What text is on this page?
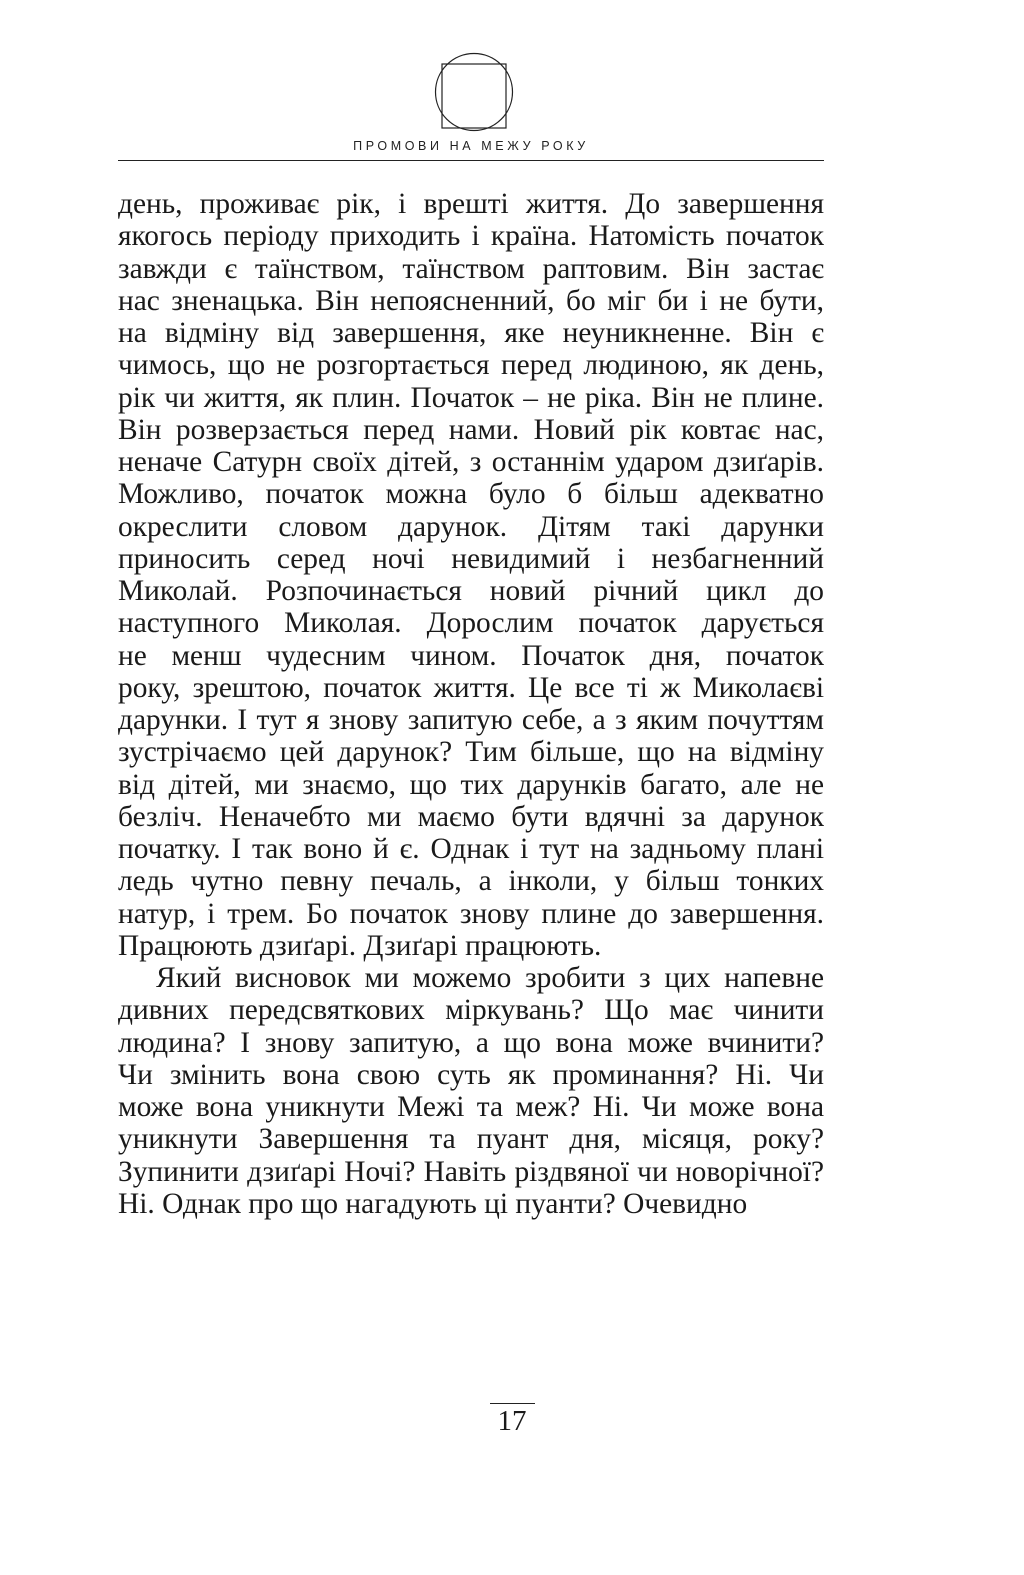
ПРОМОВИ НА МЕЖУ РОКУ

день, проживає рік, і врешті життя. До завершення
якогось періоду приходить і країна. Натомість початок
завжди є таїнством, таїнством раптовим. Він застає
нас зненацька. Він непоясненний, бо міг би і не бути,
на відміну від завершення, яке неуникненне. Він є
чимось, що не розгортається перед людиною, як день,
рік чи життя, як плин. Початок – не ріка. Він не плине.
Він розверзається перед нами. Новий рік ковтає нас,
неначе Сатурн своїх дітей, з останнім ударом дзиґарів.
Можливо, початок можна було б більш адекватно
окреслити словом дарунок. Дітям такі дарунки
приносить серед ночі невидимий і незбагненний
Миколай. Розпочинається новий річний цикл до
наступного Миколая. Дорослим початок дарується
не менш чудесним чином. Початок дня, початок
року, зрештою, початок життя. Це все ті ж Миколаєві
дарунки. І тут я знову запитую себе, а з яким почуттям
зустрічаємо цей дарунок? Тим більше, що на відміну
від дітей, ми знаємо, що тих дарунків багато, але не
безліч. Неначебто ми маємо бути вдячні за дарунок
початку. І так воно й є. Однак і тут на задньому плані
ледь чутно певну печаль, а інколи, у більш тонких
натур, і трем. Бо початок знову плине до завершення.
Працюють дзиґарі. Дзиґарі працюють.

Який висновок ми можемо зробити з цих напевне
дивних передсвяткових міркувань? Що має чинити
людина? І знову запитую, а що вона може вчинити?
Чи змінить вона свою суть як проминання? Ні. Чи
може вона уникнути Межі та меж? Ні. Чи може вона
уникнути Завершення та пуант дня, місяця, року?
Зупинити дзиґарі Ночі? Навіть різдвяної чи новорічної?
Ні. Однак про що нагадують ці пуанти? Очевидно

17
